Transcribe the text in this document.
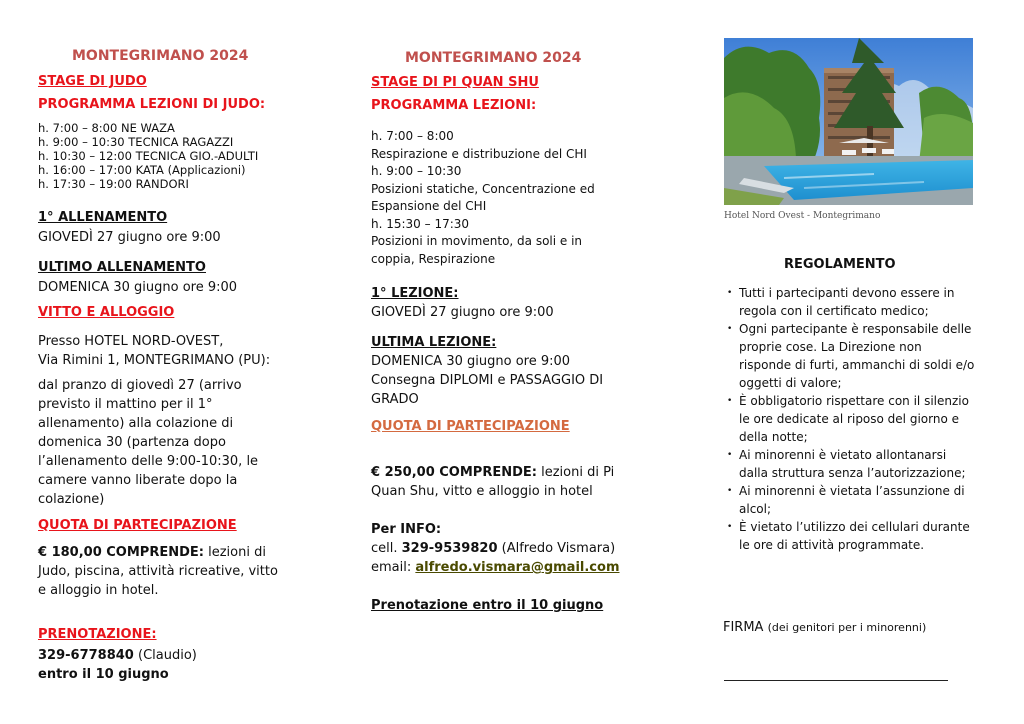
MONTEGRIMANO 2024
STAGE DI JUDO
PROGRAMMA LEZIONI DI JUDO:
h. 7:00 – 8:00 NE WAZA
h. 9:00 – 10:30 TECNICA RAGAZZI
h. 10:30 – 12:00 TECNICA GIO.-ADULTI
h. 16:00 – 17:00 KATA (Applicazioni)
h. 17:30 – 19:00 RANDORI
1° ALLENAMENTO
GIOVEDÌ 27 giugno ore 9:00
ULTIMO ALLENAMENTO
DOMENICA 30 giugno ore 9:00
VITTO E ALLOGGIO
Presso HOTEL NORD-OVEST,
Via Rimini 1, MONTEGRIMANO (PU):
dal pranzo di giovedì 27 (arrivo
previsto il mattino per il 1°
allenamento) alla colazione di
domenica 30 (partenza dopo
l’allenamento delle 9:00-10:30, le
camere vanno liberate dopo la
colazione)
QUOTA DI PARTECIPAZIONE
€ 180,00 COMPRENDE: lezioni di
Judo, piscina, attività ricreative, vitto
e alloggio in hotel.
PRENOTAZIONE:
329-6778840 (Claudio)
entro il 10 giugno
MONTEGRIMANO 2024
STAGE DI PI QUAN SHU
PROGRAMMA LEZIONI:
h. 7:00 – 8:00
Respirazione e distribuzione del CHI
h. 9:00 – 10:30
Posizioni statiche, Concentrazione ed
Espansione del CHI
h. 15:30 – 17:30
Posizioni in movimento, da soli e in
coppia, Respirazione
1° LEZIONE:
GIOVEDÌ 27 giugno ore 9:00
ULTIMA LEZIONE:
DOMENICA 30 giugno ore 9:00
Consegna DIPLOMI e PASSAGGIO DI
GRADO
QUOTA DI PARTECIPAZIONE
€ 250,00 COMPRENDE: lezioni di Pi
Quan Shu, vitto e alloggio in hotel
Per INFO:
cell. 329-9539820 (Alfredo Vismara)
email: alfredo.vismara@gmail.com
Prenotazione entro il 10 giugno
Hotel Nord Ovest - Montegrimano
REGOLAMENTO
• Tutti i partecipanti devono essere in regola con il certificato medico;
• Ogni partecipante è responsabile delle proprie cose. La Direzione non risponde di furti, ammanchi di soldi e/o oggetti di valore;
• È obbligatorio rispettare con il silenzio le ore dedicate al riposo del giorno e della notte;
• Ai minorenni è vietato allontanarsi dalla struttura senza l’autorizzazione;
• Ai minorenni è vietata l’assunzione di alcol;
• È vietato l’utilizzo dei cellulari durante le ore di attività programmate.
FIRMA (dei genitori per i minorenni)
